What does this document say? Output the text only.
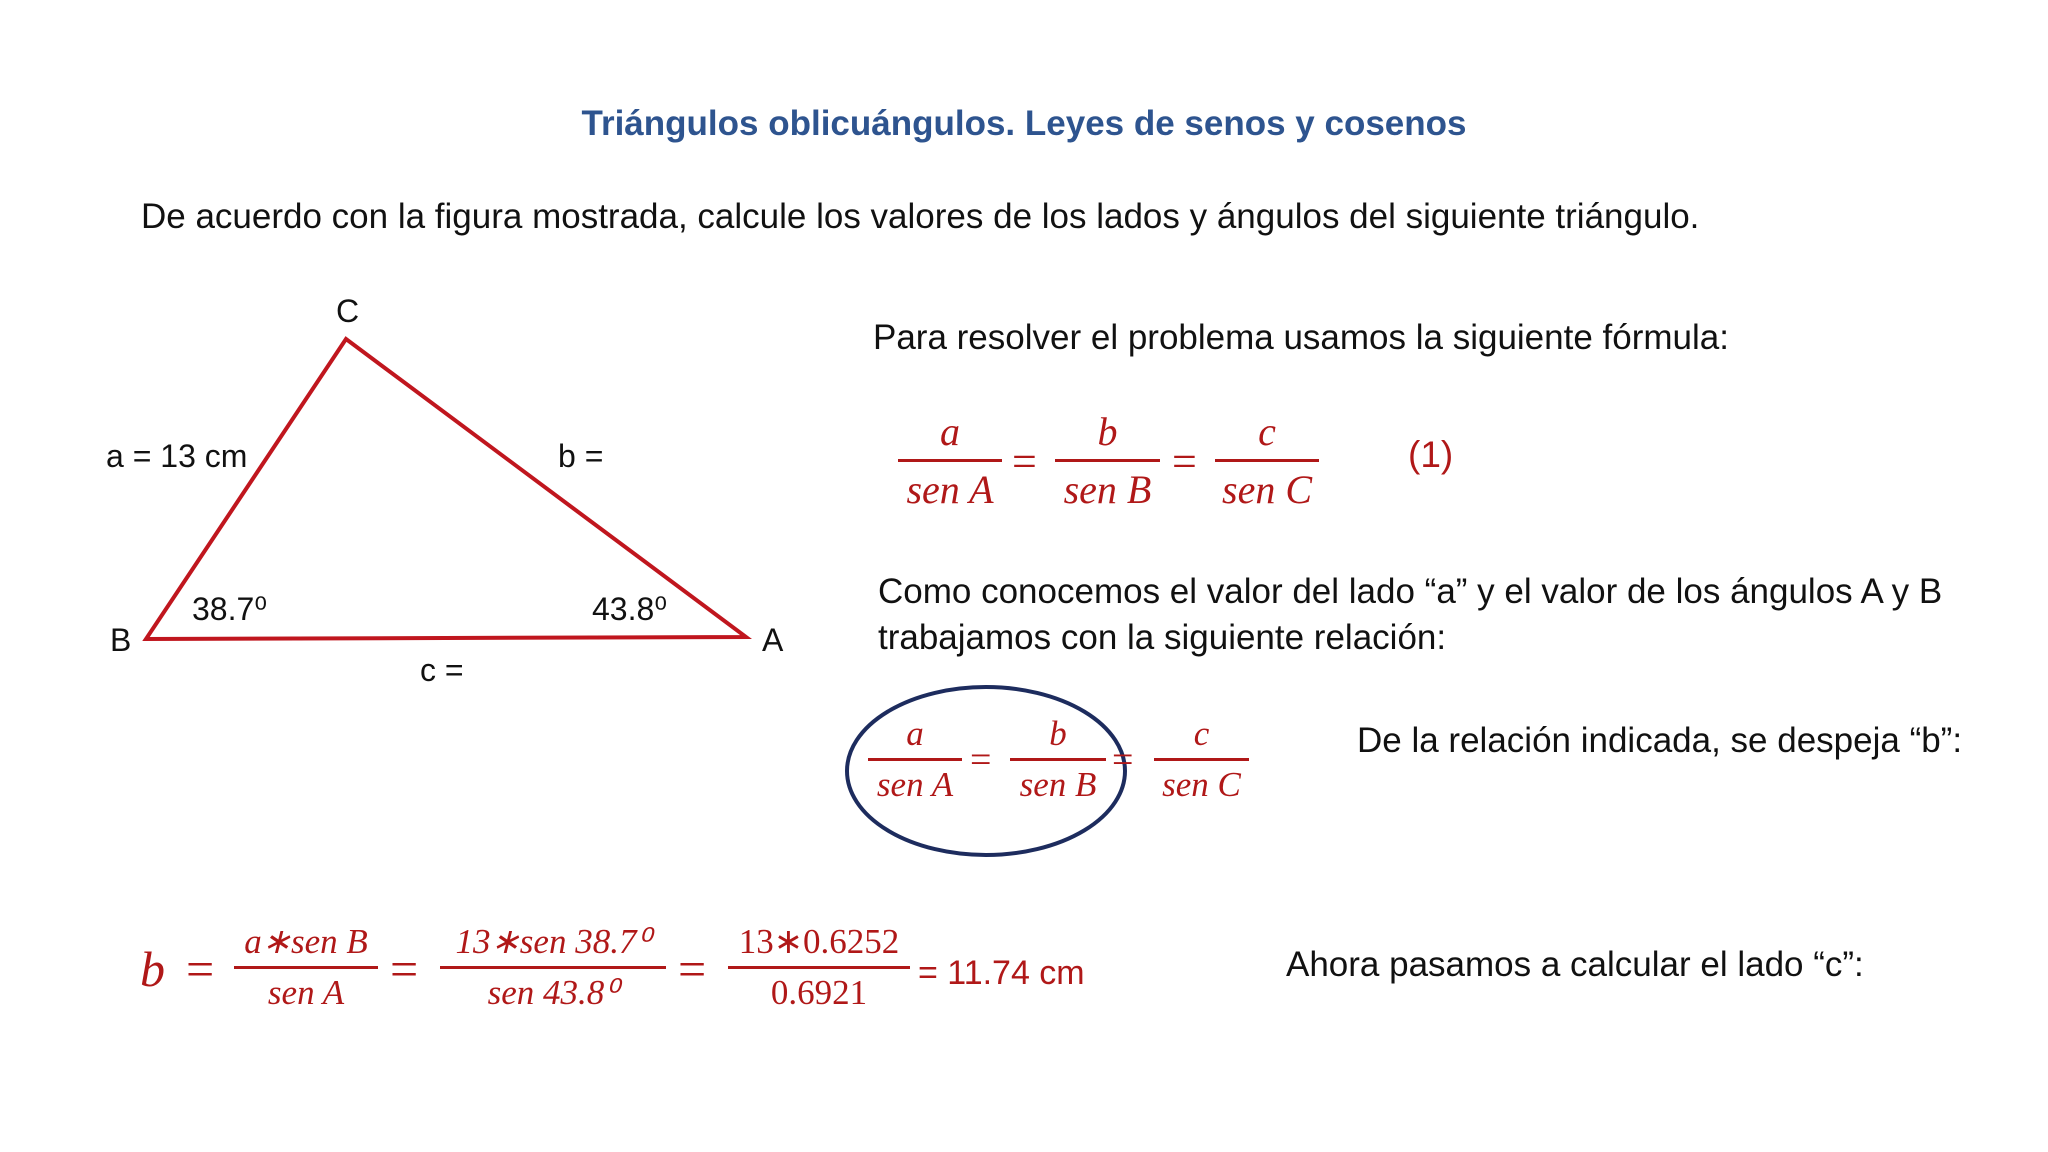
Triángulos oblicuángulos. Leyes de senos y cosenos
De acuerdo con la figura mostrada, calcule los valores de los lados y ángulos del siguiente triángulo.
C
B	A
a = 13 cm	b =
c =
38.7⁰	43.8⁰
Para resolver el problema usamos la siguiente fórmula:
a
sen A
=
b
sen B
=
c
sen C
(1)
Como conocemos el valor del lado “a” y el valor de los ángulos A y B
trabajamos con la siguiente relación:
a
sen A
=
b
sen B
=
c
sen C
De la relación indicada, se despeja “b”:
b = a∗sen B
sen A =	13∗sen 38.7⁰
sen 43.8⁰	= 13∗0.6252
0.6921	= 11.74 cm	Ahora pasamos a calcular el lado “c”:
